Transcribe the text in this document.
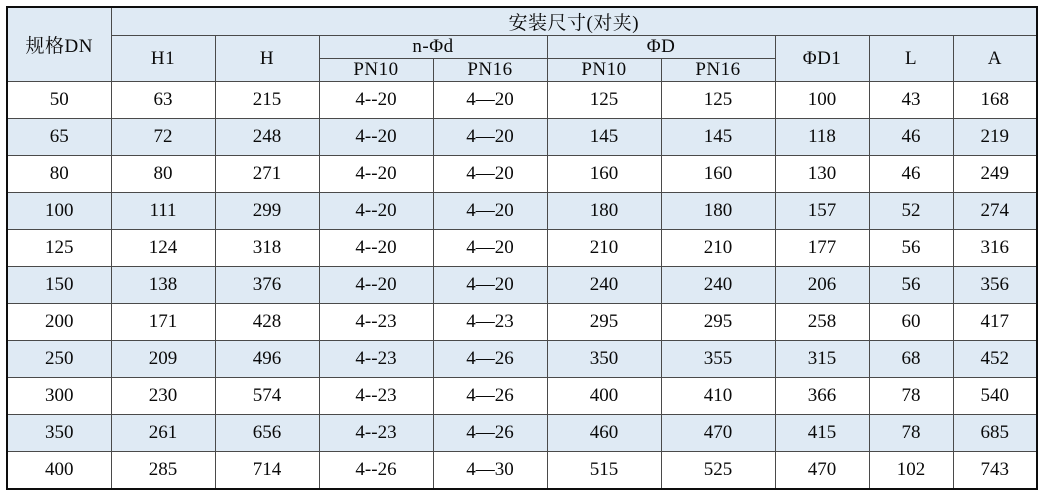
规格DN	安装尺寸(对夹)								
	H1	H	n-Φd		ΦD		ΦD1	L	A
			PN10	PN16	PN10	PN16			
50	63	215	4--20	4—20	125	125	100	43	168
65	72	248	4--20	4—20	145	145	118	46	219
80	80	271	4--20	4—20	160	160	130	46	249
100	111	299	4--20	4—20	180	180	157	52	274
125	124	318	4--20	4—20	210	210	177	56	316
150	138	376	4--20	4—20	240	240	206	56	356
200	171	428	4--23	4—23	295	295	258	60	417
250	209	496	4--23	4—26	350	355	315	68	452
300	230	574	4--23	4—26	400	410	366	78	540
350	261	656	4--23	4—26	460	470	415	78	685
400	285	714	4--26	4—30	515	525	470	102	743
